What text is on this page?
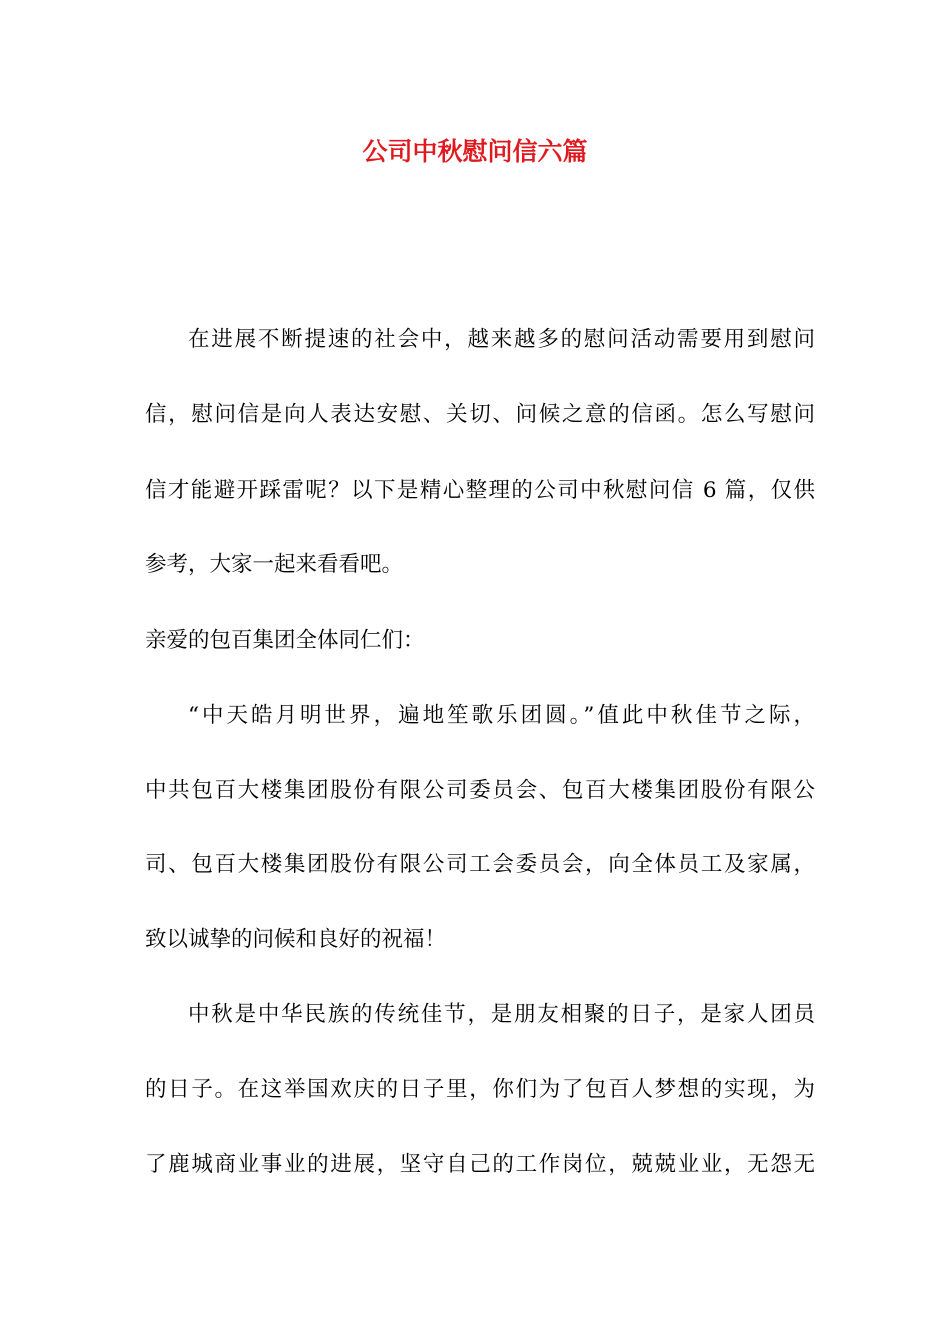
公司中秋慰问信六篇
在进展不断提速的社会中，越来越多的慰问活动需要用到慰问
信，慰问信是向人表达安慰、关切、问候之意的信函。怎么写慰问
信才能避开踩雷呢？以下是精心整理的公司中秋慰问信 6 篇，仅供
参考，大家一起来看看吧。
亲爱的包百集团全体同仁们：
“中天皓月明世界，遍地笙歌乐团圆。”值此中秋佳节之际，
中共包百大楼集团股份有限公司委员会、包百大楼集团股份有限公
司、包百大楼集团股份有限公司工会委员会，向全体员工及家属，
致以诚挚的问候和良好的祝福！
中秋是中华民族的传统佳节，是朋友相聚的日子，是家人团员
的日子。在这举国欢庆的日子里，你们为了包百人梦想的实现，为
了鹿城商业事业的进展，坚守自己的工作岗位，兢兢业业，无怨无
